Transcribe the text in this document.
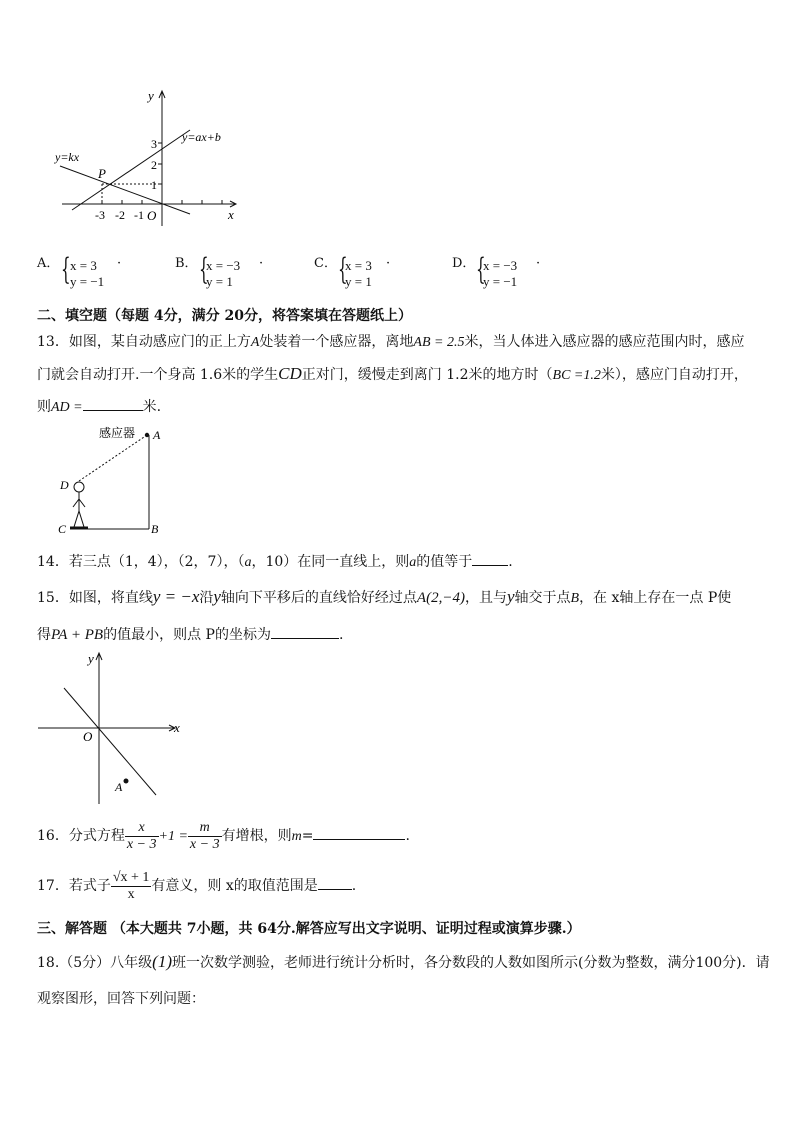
y
x
O
y=ax+b
y=kx
P
3
2
1
-3 -2 -1
A． { x = 3
y = −1
·	B． {
x = −3
y = 1
·	C． {
x = 3
y = 1
·	D． {
x = −3
y = −1
·
二、填空题（每题 4分，满分 20分，将答案填在答题纸上）
13．如图，某自动感应门的正上方A处装着一个感应器，离地AB = 2.5米，当人体进入感应器的感应范围内时，感应
门就会自动打开.一个身高 1.6米的学生CD正对门，缓慢走到离门 1.2米的地方时（BC =1.2米），感应门自动打开，
则AD =	米.
感应器 A
B
C
D
14．若三点（1，4），（2，7），（a，10）在同一直线上，则a的值等于	.
15．如图，将直线y = −x沿y轴向下平移后的直线恰好经过点A(2,−4)，且与y轴交于点B，在 x轴上存在一点 P使
得PA + PB的值最小，则点 P的坐标为	.
y
x
O
A
16．分式方程 $\frac{x}{x - 3} +1 = \frac{m}{x - 3}$ 有增根，则m=	.
17．若式子 $\frac{√x + 1}{x}$ 有意义，则 x的取值范围是 .
三、解答题 （本大题共 7小题，共 64分.解答应写出文字说明、证明过程或演算步骤.）
18.（5分）八年级(1)班一次数学测验，老师进行统计分析时，各分数段的人数如图所示(分数为整数，满分100分)．请
观察图形，回答下列问题：
